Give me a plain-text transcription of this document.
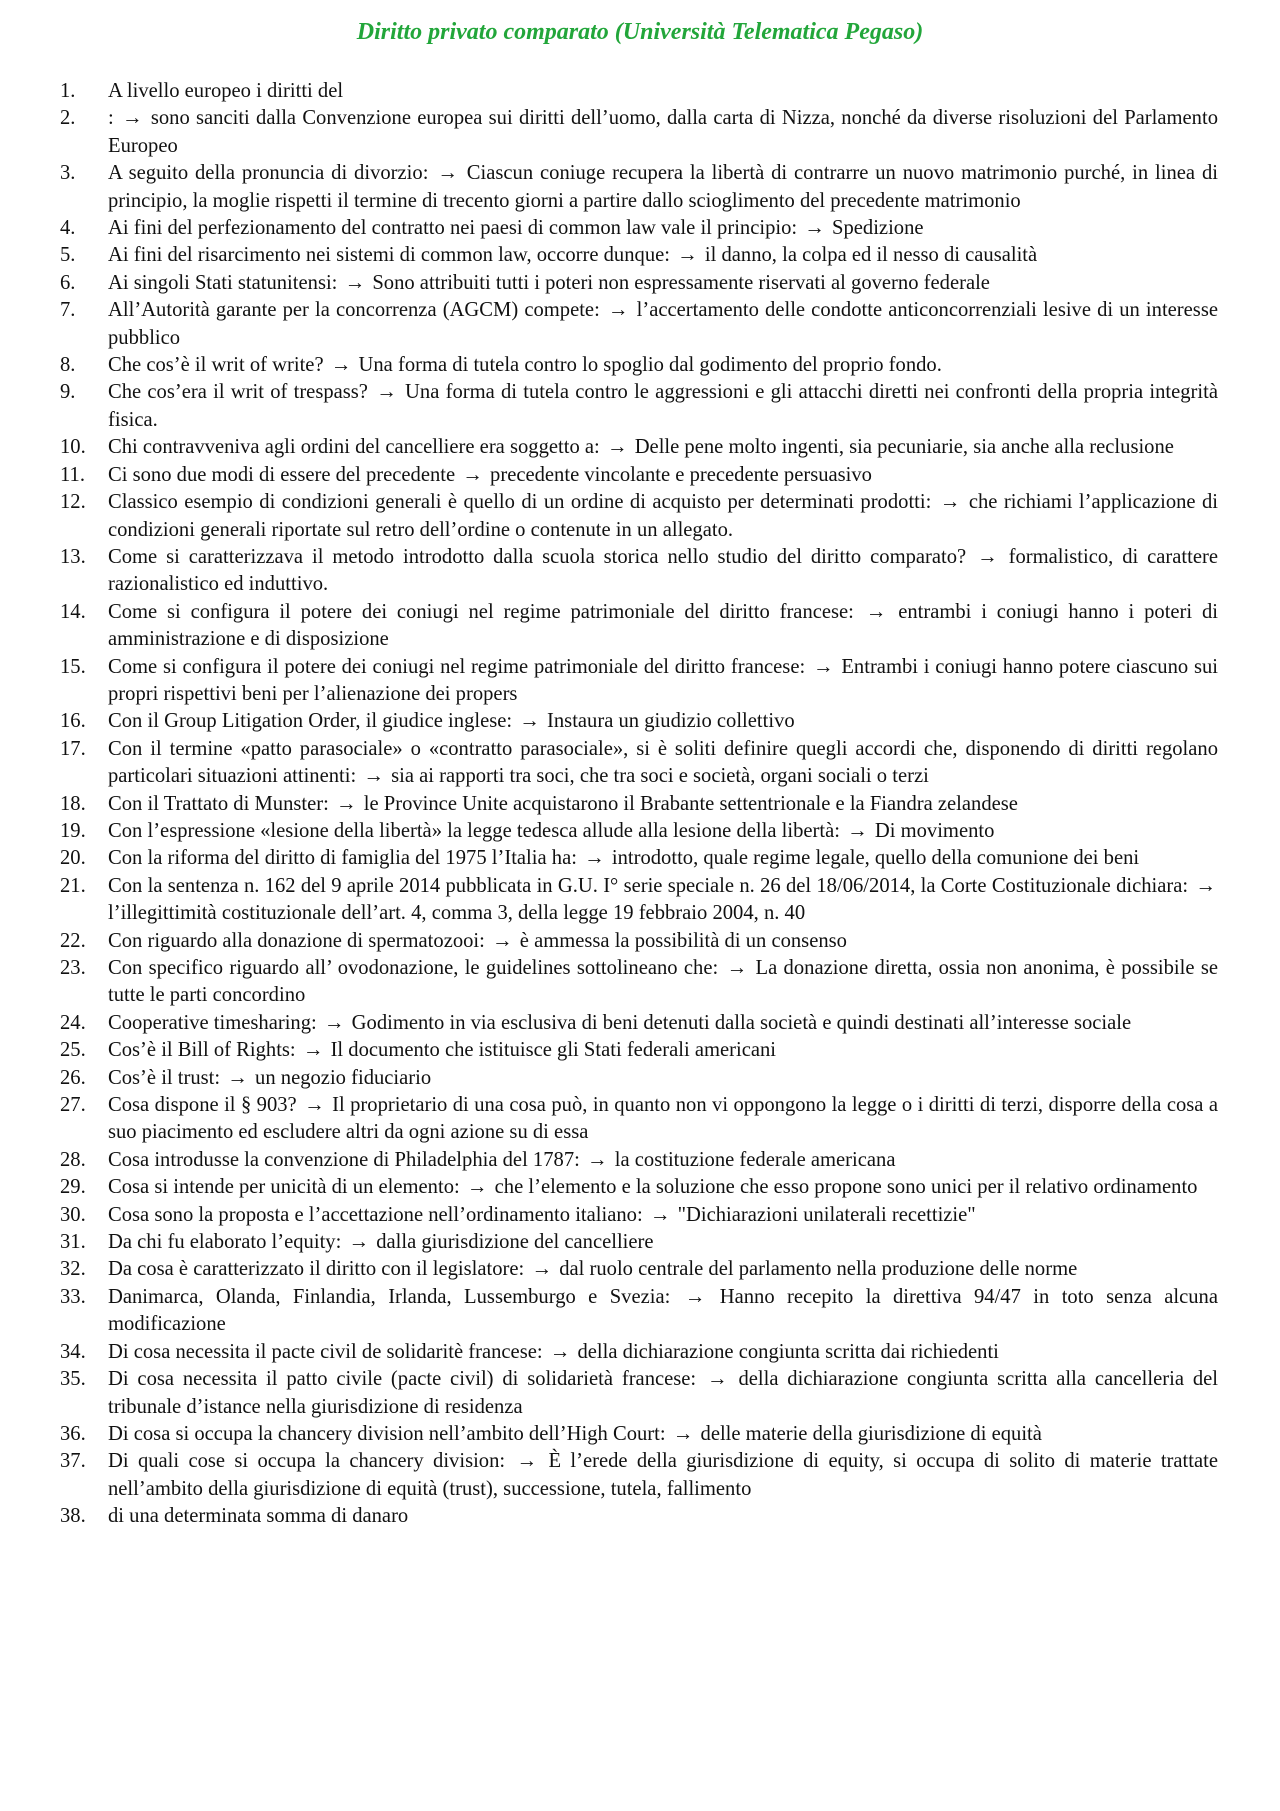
Diritto privato comparato (Università Telematica Pegaso)
1. A livello europeo i diritti del
2. : → sono sanciti dalla Convenzione europea sui diritti dell’uomo, dalla carta di Nizza, nonché da diverse risoluzioni del Parlamento Europeo
3. A seguito della pronuncia di divorzio: → Ciascun coniuge recupera la libertà di contrarre un nuovo matrimonio purché, in linea di principio, la moglie rispetti il termine di trecento giorni a partire dallo scioglimento del precedente matrimonio
4. Ai fini del perfezionamento del contratto nei paesi di common law vale il principio: → Spedizione
5. Ai fini del risarcimento nei sistemi di common law, occorre dunque: → il danno, la colpa ed il nesso di causalità
6. Ai singoli Stati statunitensi: → Sono attribuiti tutti i poteri non espressamente riservati al governo federale
7. All’Autorità garante per la concorrenza (AGCM) compete: → l’accertamento delle condotte anticoncorrenziali lesive di un interesse pubblico
8. Che cos’è il writ of write? → Una forma di tutela contro lo spoglio dal godimento del proprio fondo.
9. Che cos’era il writ of trespass? → Una forma di tutela contro le aggressioni e gli attacchi diretti nei confronti della propria integrità fisica.
10. Chi contravveniva agli ordini del cancelliere era soggetto a: → Delle pene molto ingenti, sia pecuniarie, sia anche alla reclusione
11. Ci sono due modi di essere del precedente → precedente vincolante e precedente persuasivo
12. Classico esempio di condizioni generali è quello di un ordine di acquisto per determinati prodotti: → che richiami l’applicazione di condizioni generali riportate sul retro dell’ordine o contenute in un allegato.
13. Come si caratterizzava il metodo introdotto dalla scuola storica nello studio del diritto comparato? → formalistico, di carattere razionalistico ed induttivo.
14. Come si configura il potere dei coniugi nel regime patrimoniale del diritto francese: → entrambi i coniugi hanno i poteri di amministrazione e di disposizione
15. Come si configura il potere dei coniugi nel regime patrimoniale del diritto francese: → Entrambi i coniugi hanno potere ciascuno sui propri rispettivi beni per l’alienazione dei propers
16. Con il Group Litigation Order, il giudice inglese: → Instaura un giudizio collettivo
17. Con il termine «patto parasociale» o «contratto parasociale», si è soliti definire quegli accordi che, disponendo di diritti regolano particolari situazioni attinenti: → sia ai rapporti tra soci, che tra soci e società, organi sociali o terzi
18. Con il Trattato di Munster: → le Province Unite acquistarono il Brabante settentrionale e la Fiandra zelandese
19. Con l’espressione «lesione della libertà» la legge tedesca allude alla lesione della libertà: → Di movimento
20. Con la riforma del diritto di famiglia del 1975 l’Italia ha: → introdotto, quale regime legale, quello della comunione dei beni
21. Con la sentenza n. 162 del 9 aprile 2014 pubblicata in G.U. I° serie speciale n. 26 del 18/06/2014, la Corte Costituzionale dichiara: → l’illegittimità costituzionale dell’art. 4, comma 3, della legge 19 febbraio 2004, n. 40
22. Con riguardo alla donazione di spermatozooi: → è ammessa la possibilità di un consenso
23. Con specifico riguardo all’ ovodonazione, le guidelines sottolineano che: → La donazione diretta, ossia non anonima, è possibile se tutte le parti concordino
24. Cooperative timesharing: → Godimento in via esclusiva di beni detenuti dalla società e quindi destinati all’interesse sociale
25. Cos’è il Bill of Rights: → Il documento che istituisce gli Stati federali americani
26. Cos’è il trust: → un negozio fiduciario
27. Cosa dispone il § 903? → Il proprietario di una cosa può, in quanto non vi oppongono la legge o i diritti di terzi, disporre della cosa a suo piacimento ed escludere altri da ogni azione su di essa
28. Cosa introdusse la convenzione di Philadelphia del 1787: → la costituzione federale americana
29. Cosa si intende per unicità di un elemento: → che l’elemento e la soluzione che esso propone sono unici per il relativo ordinamento
30. Cosa sono la proposta e l’accettazione nell’ordinamento italiano: → "Dichiarazioni unilaterali recettizie"
31. Da chi fu elaborato l’equity: → dalla giurisdizione del cancelliere
32. Da cosa è caratterizzato il diritto con il legislatore: → dal ruolo centrale del parlamento nella produzione delle norme
33. Danimarca, Olanda, Finlandia, Irlanda, Lussemburgo e Svezia: → Hanno recepito la direttiva 94/47 in toto senza alcuna modificazione
34. Di cosa necessita il pacte civil de solidaritè francese: → della dichiarazione congiunta scritta dai richiedenti
35. Di cosa necessita il patto civile (pacte civil) di solidarietà francese: → della dichiarazione congiunta scritta alla cancelleria del tribunale d’istance nella giurisdizione di residenza
36. Di cosa si occupa la chancery division nell’ambito dell’High Court: → delle materie della giurisdizione di equità
37. Di quali cose si occupa la chancery division: → È l’erede della giurisdizione di equity, si occupa di solito di materie trattate nell’ambito della giurisdizione di equità (trust), successione, tutela, fallimento
38. di una determinata somma di danaro
